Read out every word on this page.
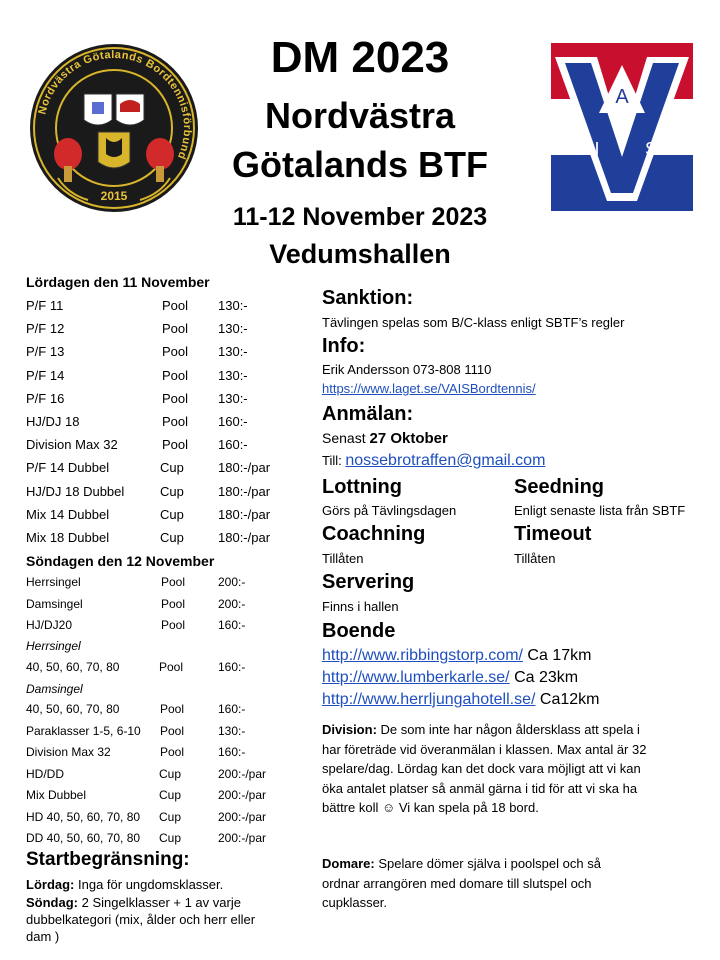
Nordvästra Götalands Bordtennisförbund
2015
A
I	S
DM 2023
Nordvästra
Götalands BTF
11-12 November 2023
Vedumshallen
Lördagen den 11 November
P/F 11	Pool 130:-
P/F 12	Pool 130:-
P/F 13	Pool 130:-
P/F 14	Pool 130:-
P/F 16	Pool 130:-
HJ/DJ 18	Pool 160:-
Division Max 32	Pool 160:-
P/F 14 Dubbel	Cup	180:-/par
HJ/DJ 18 Dubbel	Cup	180:-/par
Mix 14 Dubbel	Cup	180:-/par
Mix 18 Dubbel	Cup	180:-/par
Söndagen den 12 November
Herrsingel	Pool	200:-
Damsingel	Pool	200:-
HJ/DJ20	Pool	160:-
Herrsingel
40, 50, 60, 70, 80	Pool	160:-
Damsingel
40, 50, 60, 70, 80	Pool	160:-
Paraklasser 1-5, 6-10 Pool	130:-
Division Max 32	Pool	160:-
HD/DD	Cup	200:-/par
Mix Dubbel	Cup	200:-/par
HD 40, 50, 60, 70, 80 Cup	200:-/par
DD 40, 50, 60, 70, 80 Cup	200:-/par
Startbegränsning:
Lördag: Inga för ungdomsklasser.
Söndag: 2 Singelklasser + 1 av varje dubbelkategori (mix, ålder och herr eller dam )
Sanktion:
Tävlingen spelas som B/C-klass enligt SBTF’s regler
Info:
Erik Andersson 073-808 1110
https://www.laget.se/VAISBordtennis/
Anmälan:
Senast 27 Oktober
Till: nossebrotraffen@gmail.com
Lottning
Görs på Tävlingsdagen
Seedning
Enligt senaste lista från SBTF
Coachning
Tillåten
Timeout
Tillåten
Servering
Finns i hallen
Boende
http://www.ribbingstorp.com/ Ca 17km
http://www.lumberkarle.se/ Ca 23km
http://www.herrljungahotell.se/ Ca12km
Division: De som inte har någon åldersklass att spela i har företräde vid överanmälan i klassen. Max antal är 32 spelare/dag. Lördag kan det dock vara möjligt att vi kan öka antalet platser så anmäl gärna i tid för att vi ska ha bättre koll ☺ Vi kan spela på 18 bord.
Domare: Spelare dömer själva i poolspel och så ordnar arrangören med domare till slutspel och cupklasser.
